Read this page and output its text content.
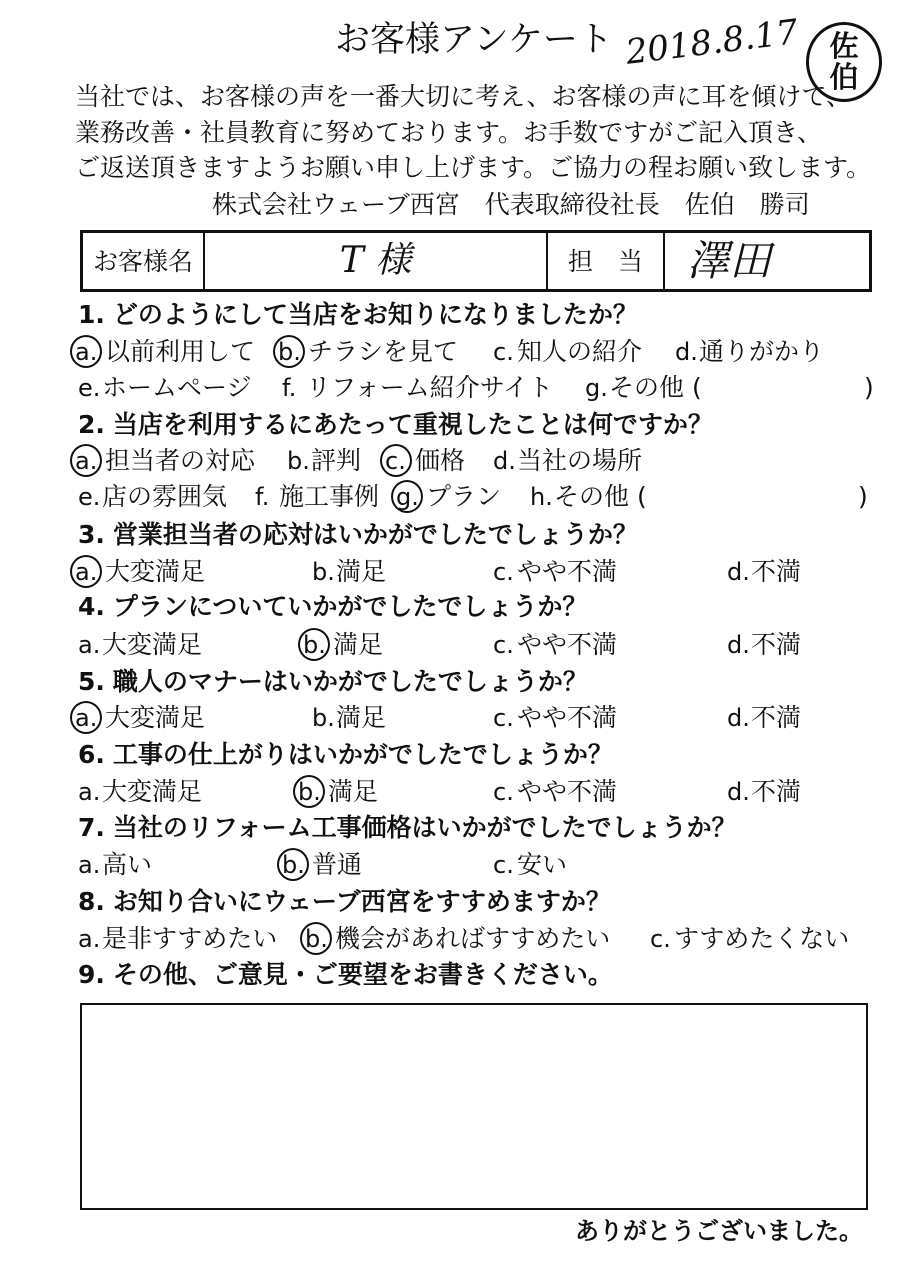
お客様アンケート 2018.8.17 佐
伯
当社では、お客様の声を一番大切に考え、お客様の声に耳を傾けて、
業務改善・社員教育に努めております。お手数ですがご記入頂き、
ご返送頂きますようお願い申し上げます。ご協力の程お願い致します。
株式会社ウェーブ西宮　代表取締役社長　佐伯　勝司
お客様名	T 様	担　当	澤田
1. どのようにして当店をお知りになりましたか？
a. 以前利用して b. チラシを見て c. 知人の紹介 d.通りがかり
e.ホームページ f. リフォーム紹介サイト g.その他 (	)
2. 当店を利用するにあたって重視したことは何ですか？
a. 担当者の対応 b.評判 c. 価格 d.当社の場所
e.店の雰囲気 f. 施工事例 g. プラン h.その他 (	)
3. 営業担当者の応対はいかがでしたでしょうか？
a. 大変満足	b.満足	c. やや不満	d.不満
4. プランについていかがでしたでしょうか？
a.大変満足	b. 満足	c. やや不満	d.不満
5. 職人のマナーはいかがでしたでしょうか？
a. 大変満足	b.満足	c. やや不満	d.不満
6. 工事の仕上がりはいかがでしたでしょうか？
a.大変満足	b. 満足	c. やや不満	d.不満
7. 当社のリフォーム工事価格はいかがでしたでしょうか？
a.高い	b. 普通	c. 安い
8. お知り合いにウェーブ西宮をすすめますか？
a.是非すすめたい b. 機会があればすすめたい c. すすめたくない
9. その他、ご意見・ご要望をお書きください。
ありがとうございました。
